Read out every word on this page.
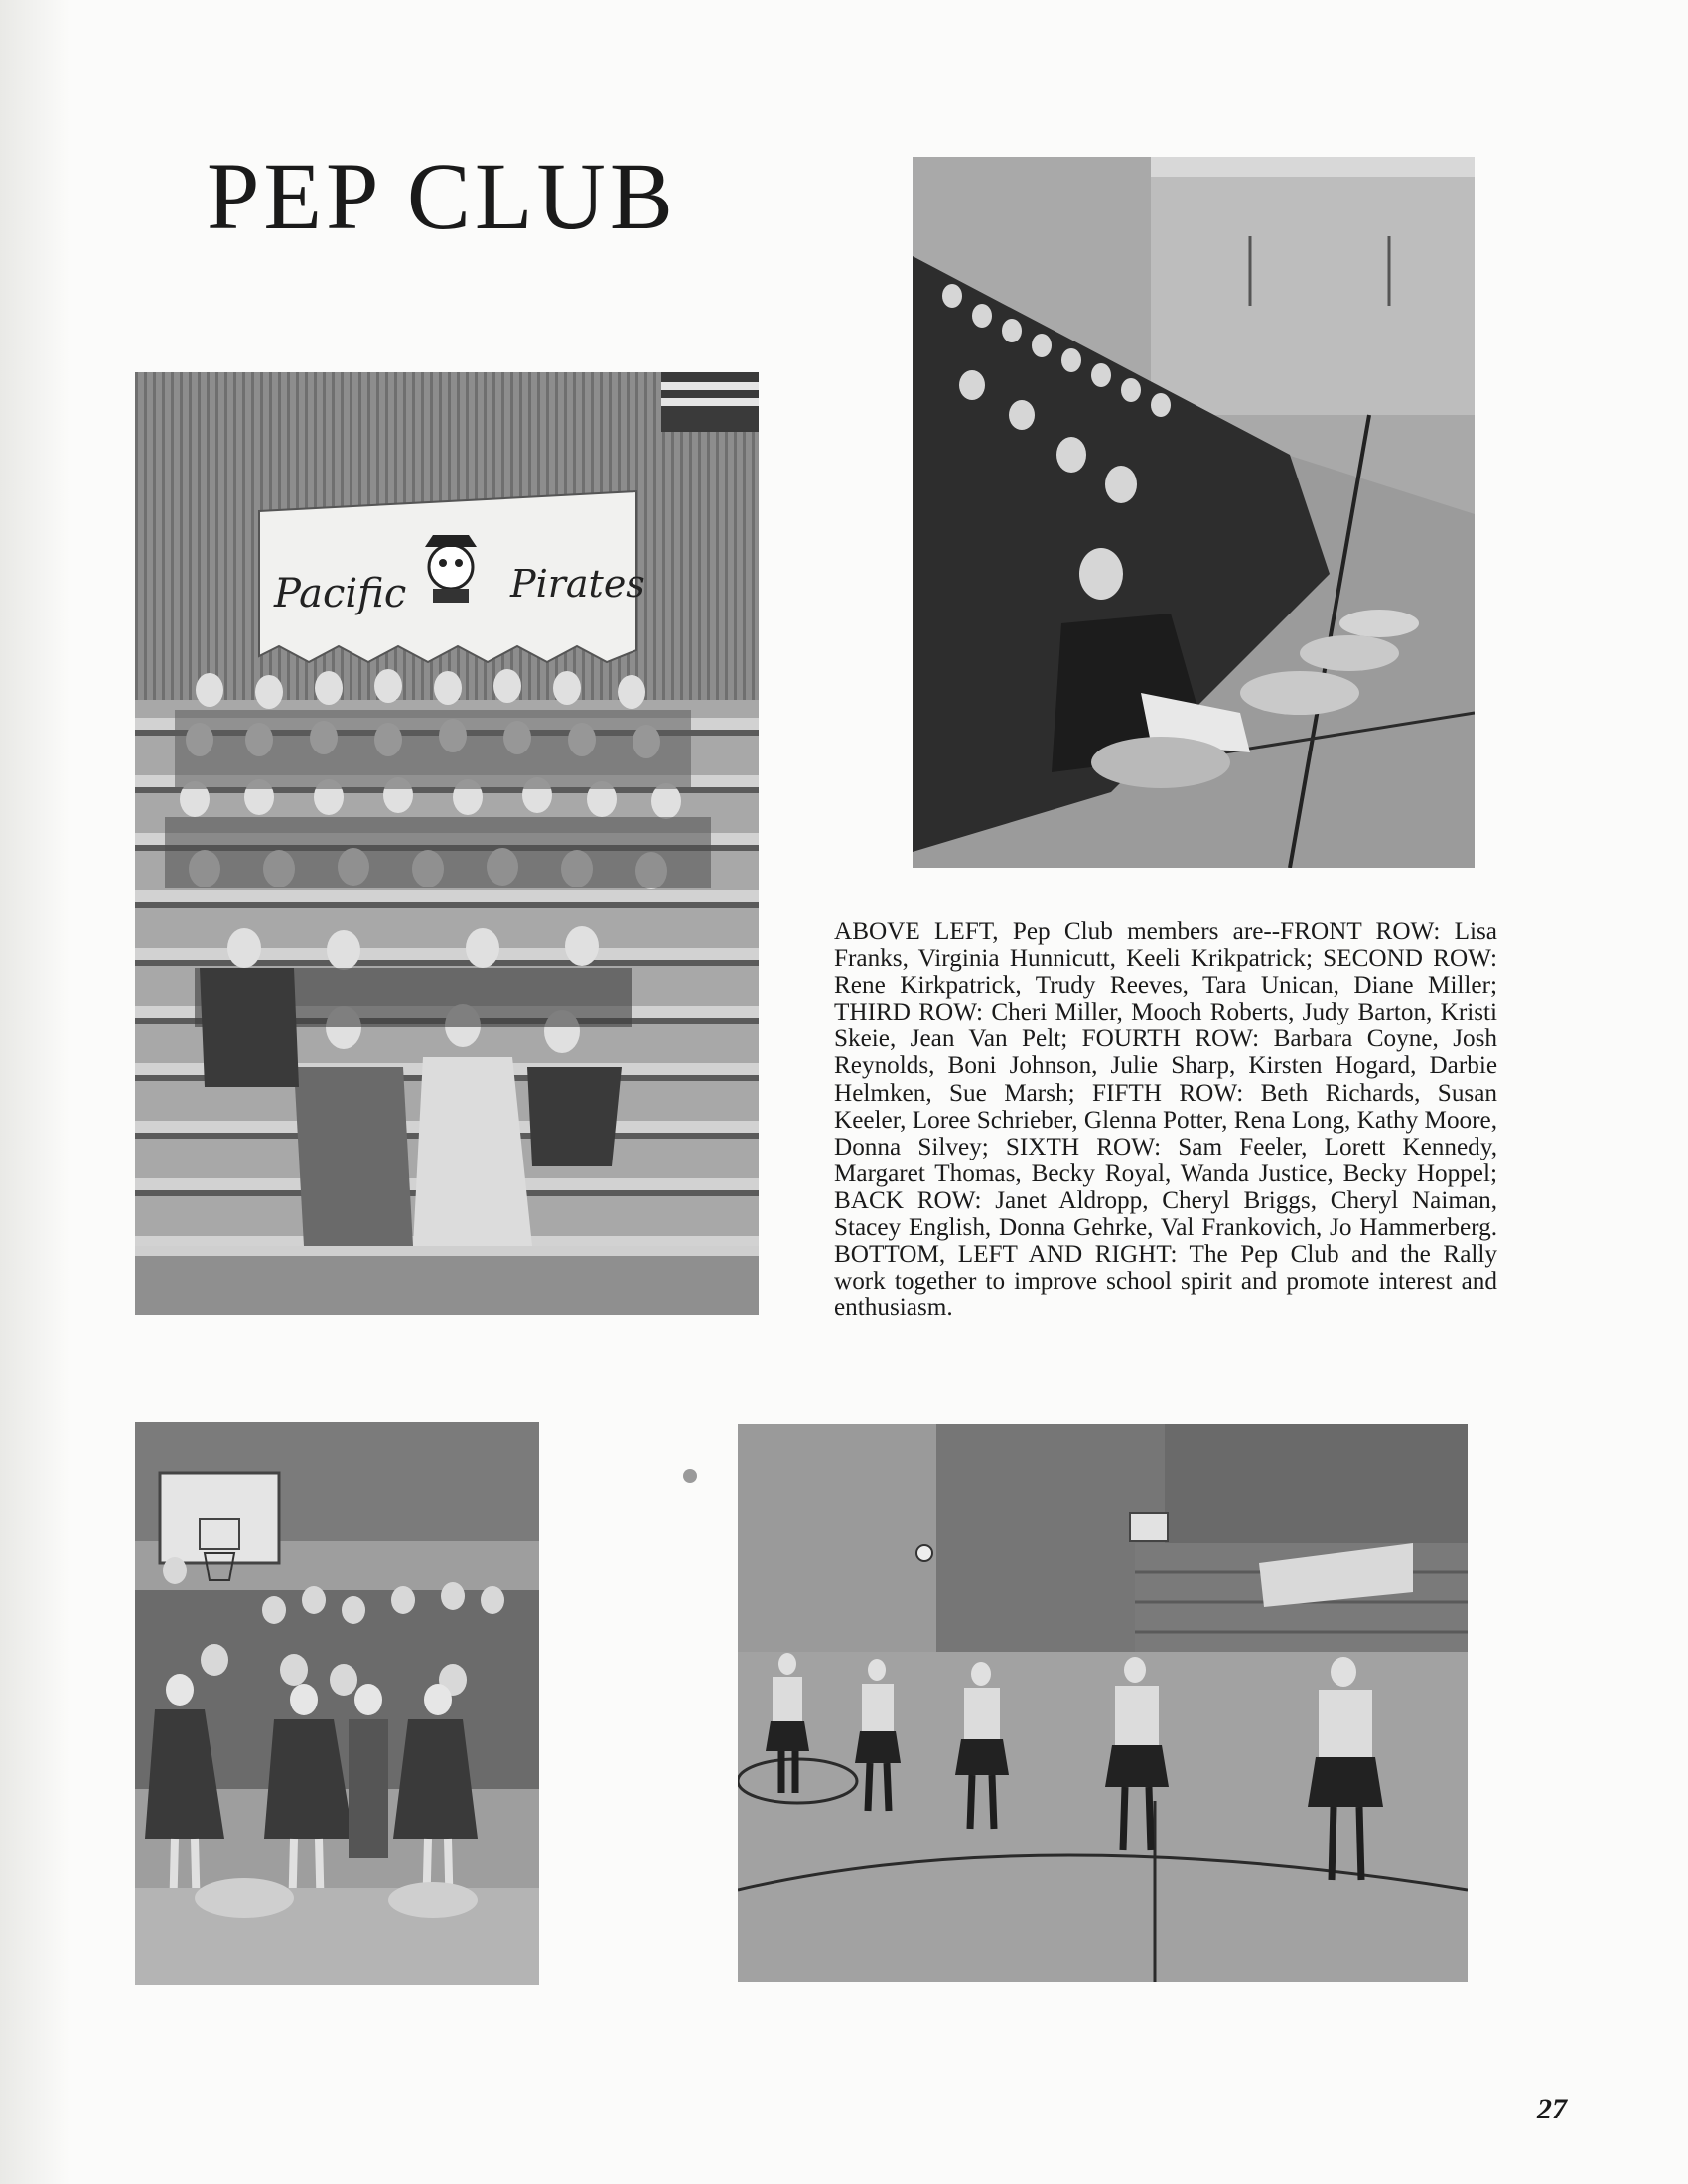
PEP CLUB
Pacific	Pirates
ABOVE LEFT, Pep Club members are--FRONT ROW: Lisa Franks, Virginia Hunnicutt, Keeli Krikpatrick; SECOND ROW: Rene Kirkpatrick, Trudy Reeves, Tara Unican, Diane Miller; THIRD ROW: Cheri Miller, Mooch Roberts, Judy Barton, Kristi Skeie, Jean Van Pelt; FOURTH ROW: Barbara Coyne, Josh Reynolds, Boni Johnson, Julie Sharp, Kirsten Hogard, Darbie Helmken, Sue Marsh; FIFTH ROW: Beth Richards, Susan Keeler, Loree Schrieber, Glenna Potter, Rena Long, Kathy Moore, Donna Silvey; SIXTH ROW: Sam Feeler, Lorett Kennedy, Margaret Thomas, Becky Royal, Wanda Justice, Becky Hoppel; BACK ROW: Janet Aldropp, Cheryl Briggs, Cheryl Naiman, Stacey English, Donna Gehrke, Val Frankovich, Jo Hammerberg. BOTTOM, LEFT AND RIGHT: The Pep Club and the Rally work together to improve school spirit and promote interest and enthusiasm.
27
